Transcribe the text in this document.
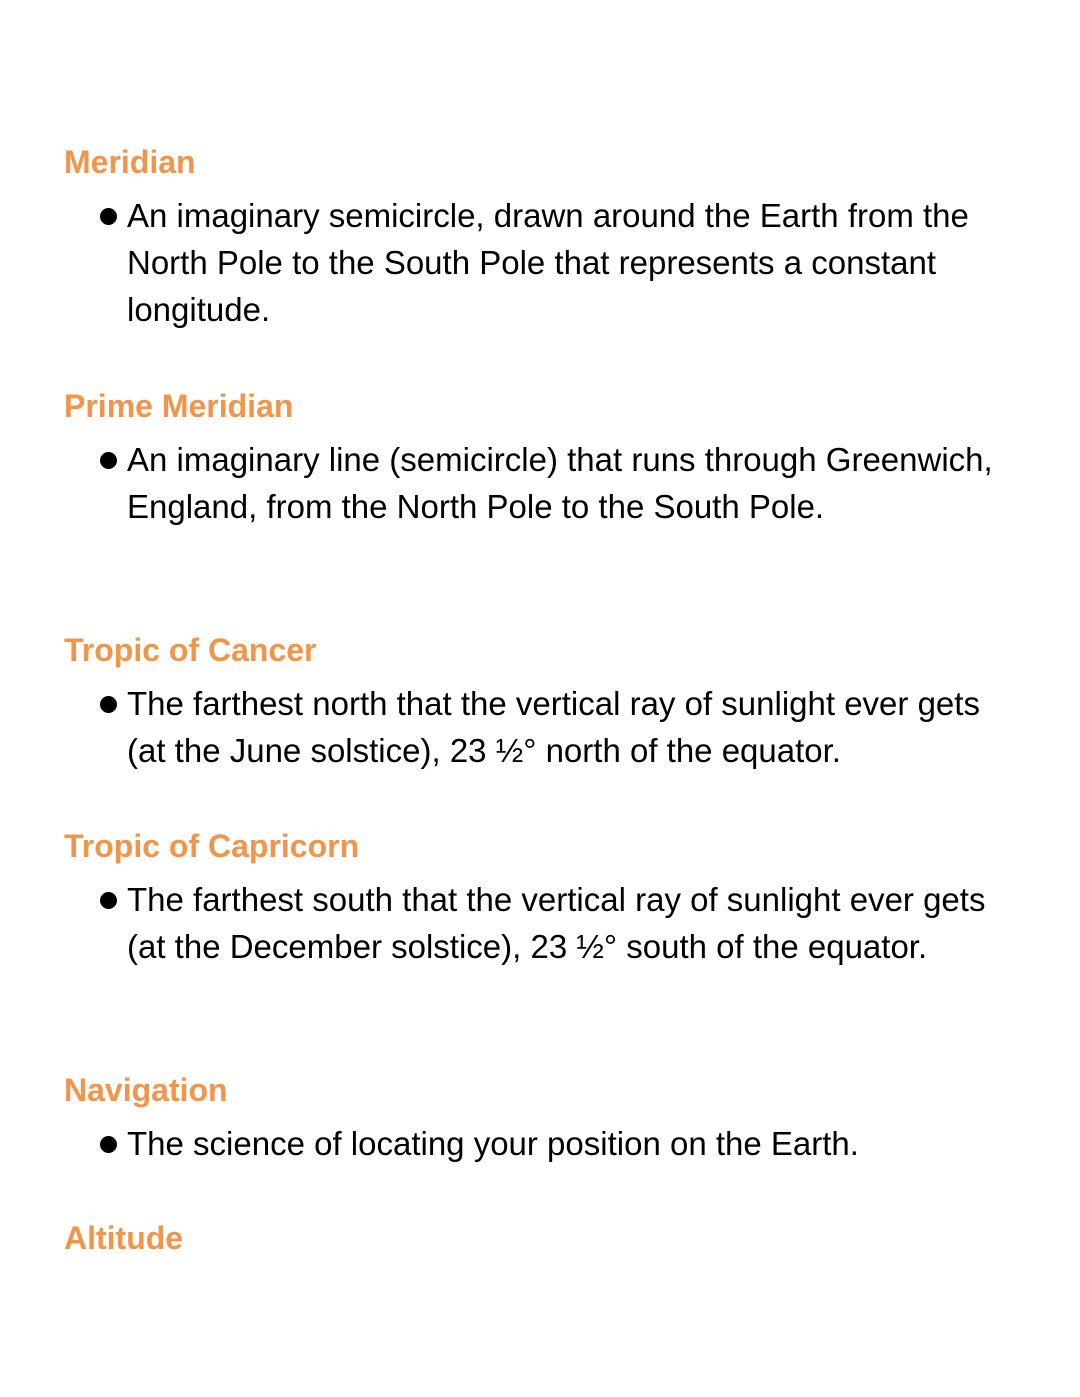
Meridian
An imaginary semicircle, drawn around the Earth from the North Pole to the South Pole that represents a constant longitude.
Prime Meridian
An imaginary line (semicircle) that runs through Greenwich, England, from the North Pole to the South Pole.
Tropic of Cancer
The farthest north that the vertical ray of sunlight ever gets (at the June solstice), 23 ½° north of the equator.
Tropic of Capricorn
The farthest south that the vertical ray of sunlight ever gets (at the December solstice), 23 ½° south of the equator.
Navigation
The science of locating your position on the Earth.
Altitude
